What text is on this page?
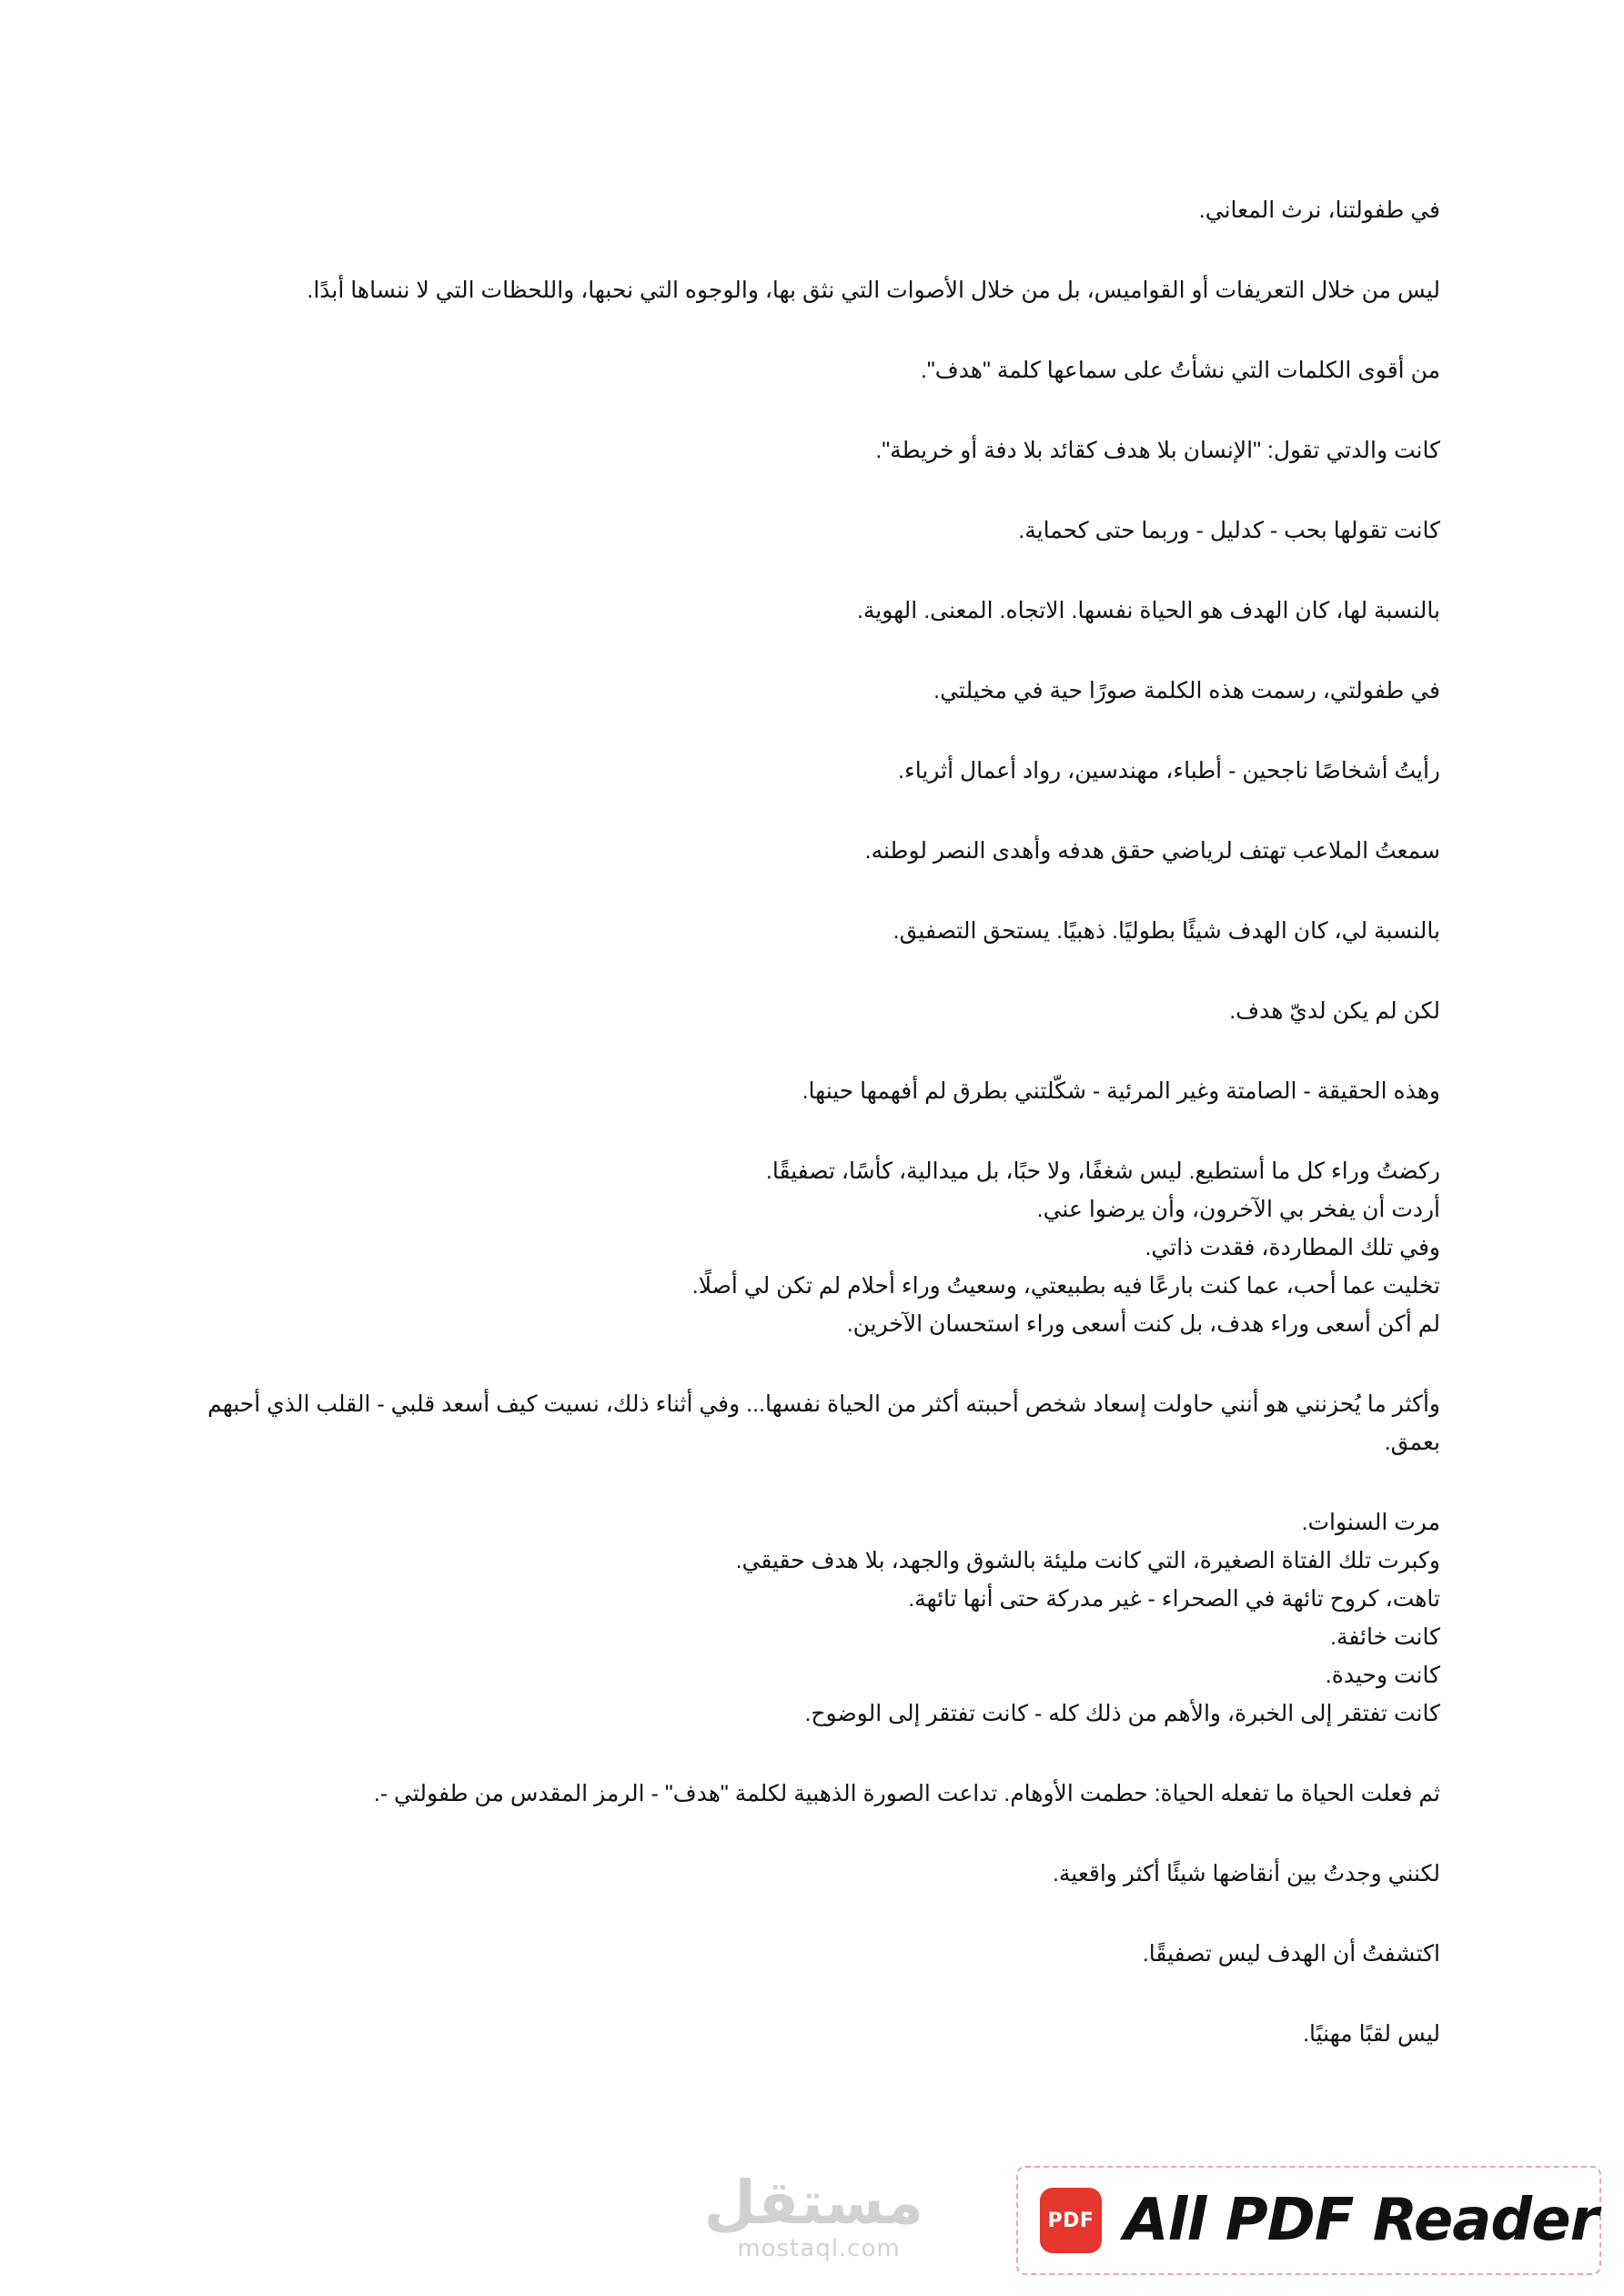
في طفولتنا، نرث المعاني.

ليس من خلال التعريفات أو القواميس، بل من خلال الأصوات التي نثق بها، والوجوه التي نحبها، واللحظات التي لا ننساها أبدًا.

من أقوى الكلمات التي نشأتُ على سماعها كلمة "هدف".

كانت والدتي تقول: "الإنسان بلا هدف كقائد بلا دفة أو خريطة".

كانت تقولها بحب - كدليل - وربما حتى كحماية.

بالنسبة لها، كان الهدف هو الحياة نفسها. الاتجاه. المعنى. الهوية.

في طفولتي، رسمت هذه الكلمة صورًا حية في مخيلتي.

رأيتُ أشخاصًا ناجحين - أطباء، مهندسين، رواد أعمال أثرياء.

سمعتُ الملاعب تهتف لرياضي حقق هدفه وأهدى النصر لوطنه.

بالنسبة لي، كان الهدف شيئًا بطوليًا. ذهبيًا. يستحق التصفيق.

لكن لم يكن لديّ هدف.

وهذه الحقيقة - الصامتة وغير المرئية - شكّلتني بطرق لم أفهمها حينها.

ركضتُ وراء كل ما أستطيع. ليس شغفًا، ولا حبًا، بل ميدالية، كأسًا، تصفيقًا.
أردت أن يفخر بي الآخرون، وأن يرضوا عني.
وفي تلك المطاردة، فقدت ذاتي.
تخليت عما أحب، عما كنت بارعًا فيه بطبيعتي، وسعيتُ وراء أحلام لم تكن لي أصلًا.
لم أكن أسعى وراء هدف، بل كنت أسعى وراء استحسان الآخرين.

وأكثر ما يُحزنني هو أنني حاولت إسعاد شخص أحببته أكثر من الحياة نفسها... وفي أثناء ذلك، نسيت كيف أسعد قلبي - القلب الذي أحبهم بعمق.

مرت السنوات.
وكبرت تلك الفتاة الصغيرة، التي كانت مليئة بالشوق والجهد، بلا هدف حقيقي.
تاهت، كروح تائهة في الصحراء - غير مدركة حتى أنها تائهة.
كانت خائفة.
كانت وحيدة.
كانت تفتقر إلى الخبرة، والأهم من ذلك كله - كانت تفتقر إلى الوضوح.

ثم فعلت الحياة ما تفعله الحياة: حطمت الأوهام. تداعت الصورة الذهبية لكلمة "هدف" - الرمز المقدس من طفولتي -.

لكنني وجدتُ بين أنقاضها شيئًا أكثر واقعية.

اكتشفتُ أن الهدف ليس تصفيقًا.

ليس لقبًا مهنيًا.

مستقل
mostaql.com
PDF All PDF Reader
